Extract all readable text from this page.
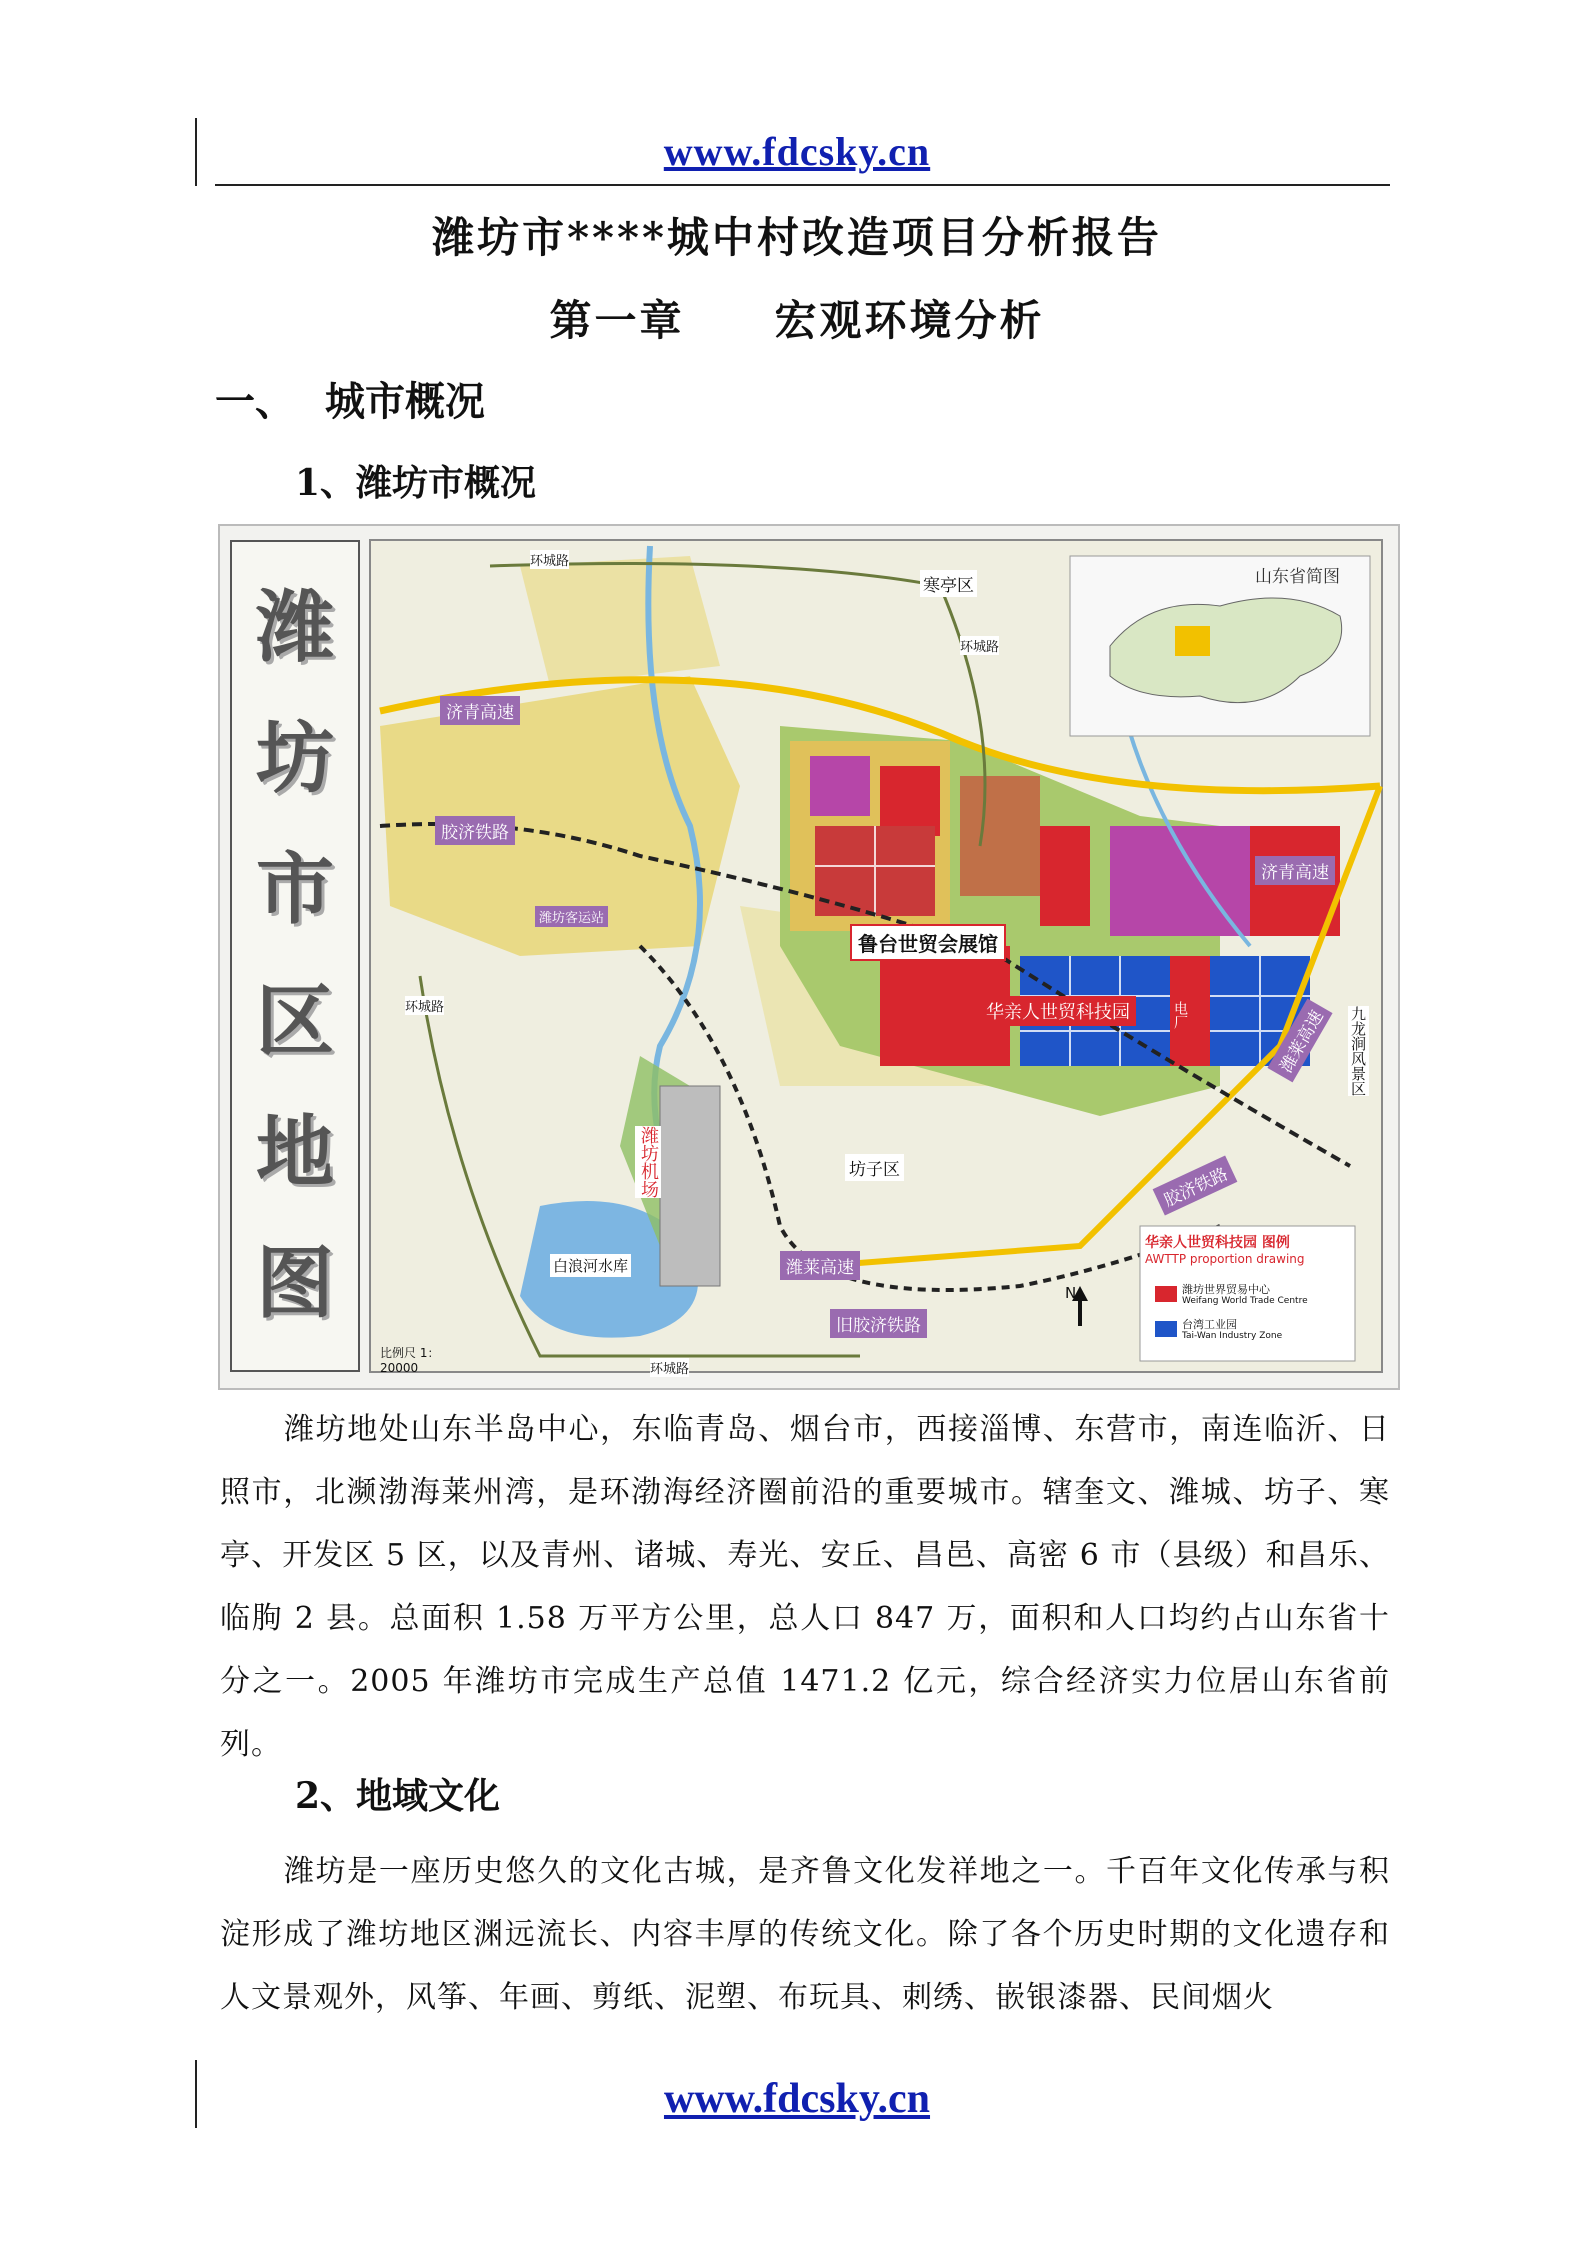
www.fdcsky.cn
潍坊市****城中村改造项目分析报告
第一章　　宏观环境分析
一、 城市概况
1、潍坊市概况
潍
坊
市
区
地
图
山东省简图
寒亭区
济青高速
济青高速
胶济铁路
胶济铁路
环城路
环城路
环城路
环城路
潍坊客运站
鲁台世贸会展馆
华亲人世贸科技园	电厂	九龙涧风景区
潍坊机场	坊子区
潍莱高速
潍莱高速
旧胶济铁路
白浪河水库
比例尺 1：20000
N
华亲人世贸科技园 图例
AWTTP proportion drawing
潍坊世界贸易中心
Weifang World Trade Centre
台湾工业园
Tai-Wan Industry Zone
潍坊地处山东半岛中心，东临青岛、烟台市，西接淄博、东营市，南连临沂、日照市，北濒渤海莱州湾，是环渤海经济圈前沿的重要城市。辖奎文、潍城、坊子、寒亭、开发区 5 区，以及青州、诸城、寿光、安丘、昌邑、高密 6 市（县级）和昌乐、临朐 2 县。总面积 1.58 万平方公里，总人口 847 万，面积和人口均约占山东省十分之一。2005 年潍坊市完成生产总值 1471.2 亿元，综合经济实力位居山东省前列。
2、地域文化
潍坊是一座历史悠久的文化古城，是齐鲁文化发祥地之一。千百年文化传承与积淀形成了潍坊地区渊远流长、内容丰厚的传统文化。除了各个历史时期的文化遗存和人文景观外，风筝、年画、剪纸、泥塑、布玩具、刺绣、嵌银漆器、民间烟火
www.fdcsky.cn
